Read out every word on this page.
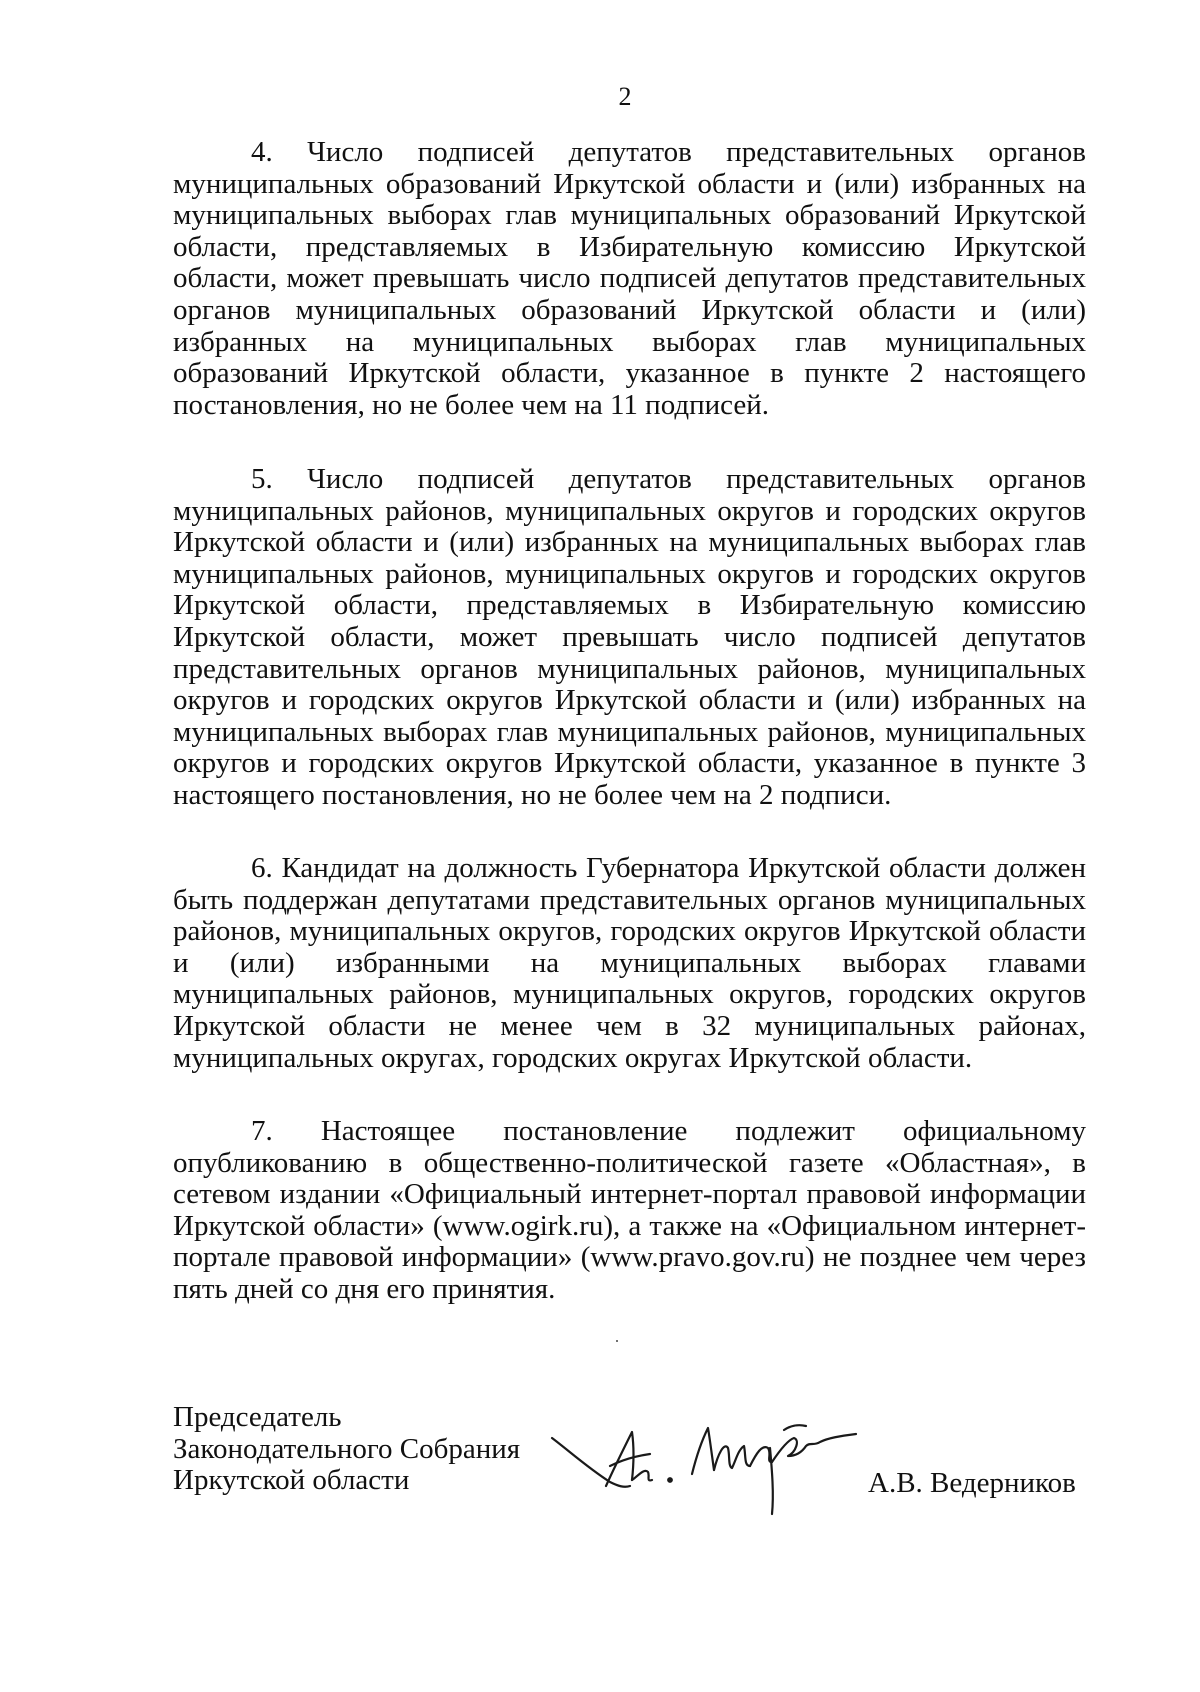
2

4. Число подписей депутатов представительных органов муниципальных образований Иркутской области и (или) избранных на муниципальных выборах глав муниципальных образований Иркутской области, представляемых в Избирательную комиссию Иркутской области, может превышать число подписей депутатов представительных органов муниципальных образований Иркутской области и (или) избранных на муниципальных выборах глав муниципальных образований Иркутской области, указанное в пункте 2 настоящего постановления, но не более чем на 11 подписей.

5. Число подписей депутатов представительных органов муниципальных районов, муниципальных округов и городских округов Иркутской области и (или) избранных на муниципальных выборах глав муниципальных районов, муниципальных округов и городских округов Иркутской области, представляемых в Избирательную комиссию Иркутской области, может превышать число подписей депутатов представительных органов муниципальных районов, муниципальных округов и городских округов Иркутской области и (или) избранных на муниципальных выборах глав муниципальных районов, муниципальных округов и городских округов Иркутской области, указанное в пункте 3 настоящего постановления, но не более чем на 2 подписи.

6. Кандидат на должность Губернатора Иркутской области должен быть поддержан депутатами представительных органов муниципальных районов, муниципальных округов, городских округов Иркутской области и (или) избранными на муниципальных выборах главами муниципальных районов, муниципальных округов, городских округов Иркутской области не менее чем в 32 муниципальных районах, муниципальных округах, городских округах Иркутской области.

7. Настоящее постановление подлежит официальному опубликованию в общественно-политической газете «Областная», в сетевом издании «Официальный интернет-портал правовой информации Иркутской области» (www.ogirk.ru), а также на «Официальном интернет-портале правовой информации» (www.pravo.gov.ru) не позднее чем через пять дней со дня его принятия.

Председатель
Законодательного Собрания
Иркутской области	А.В. Ведерников
